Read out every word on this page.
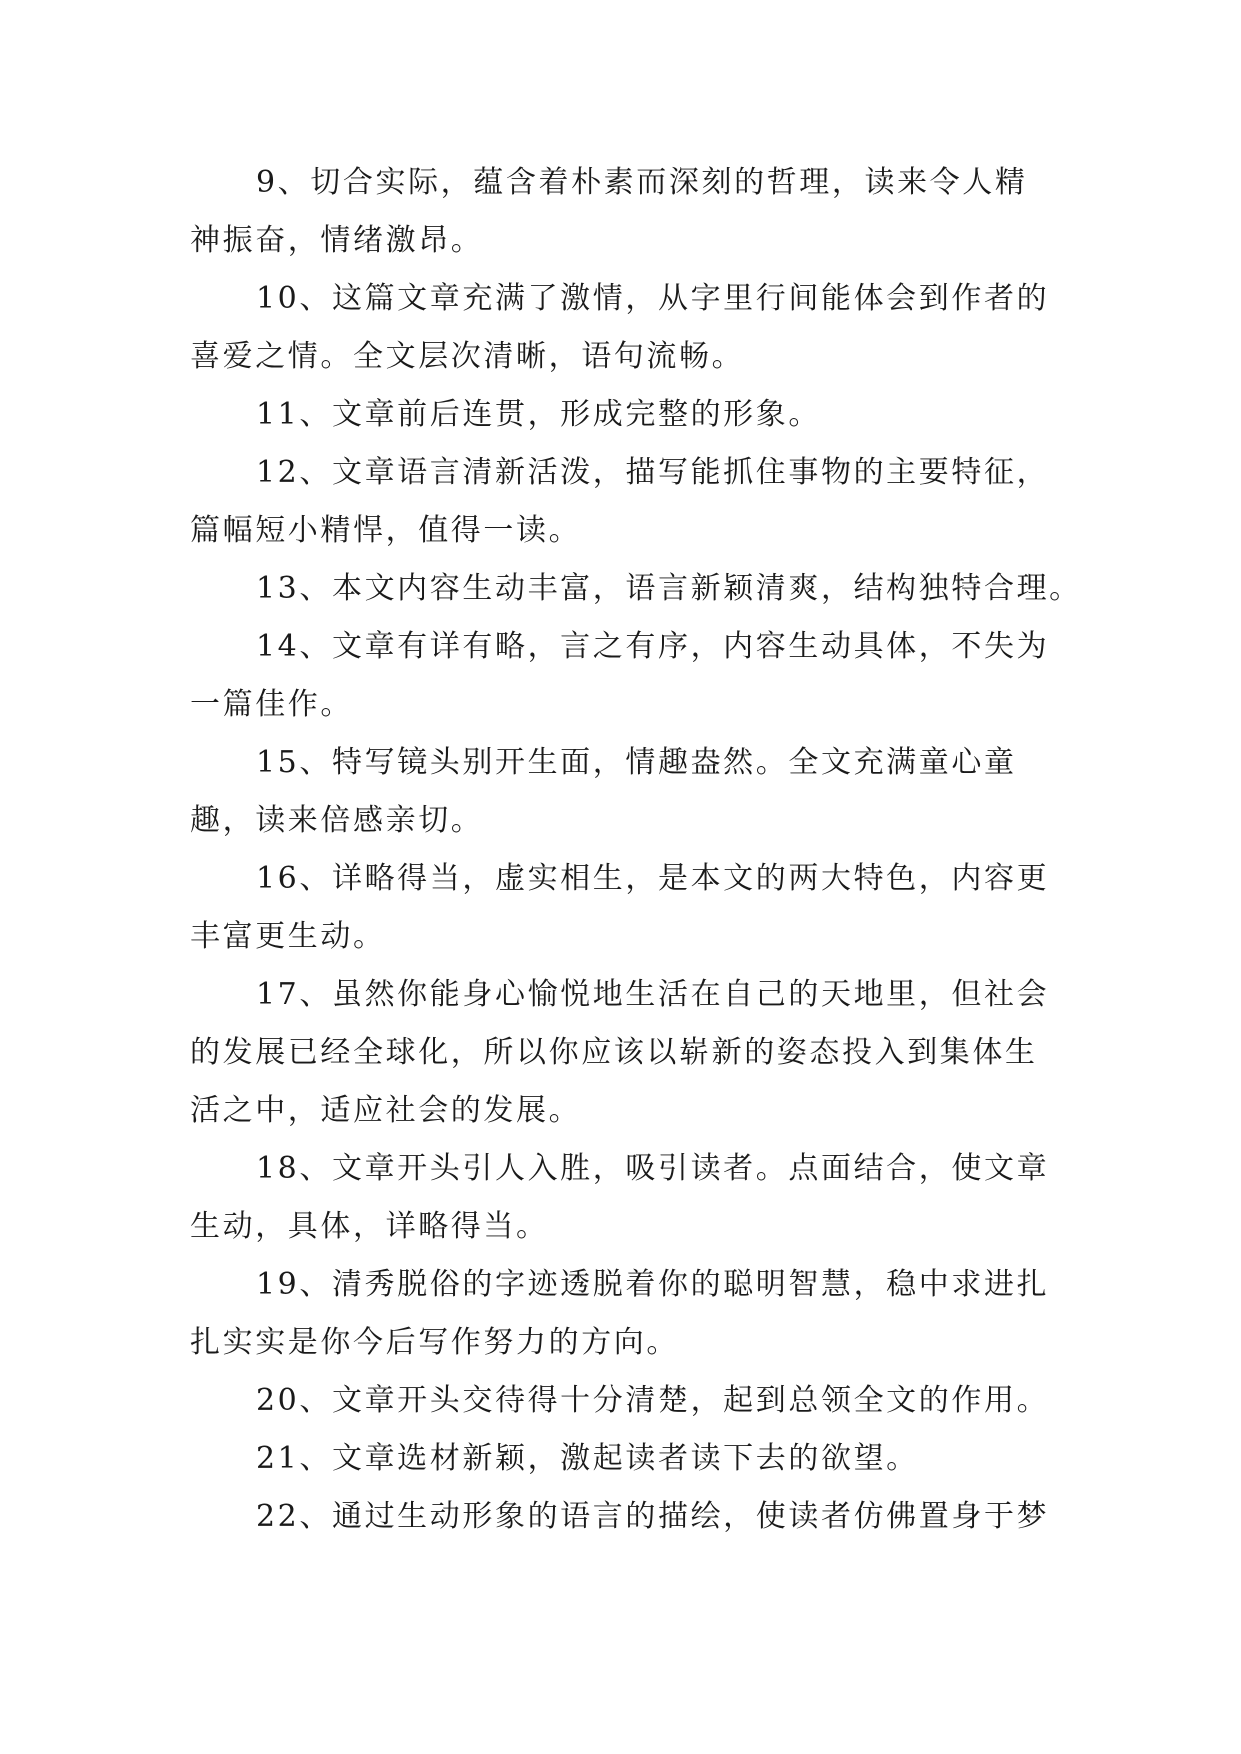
9、切合实际，蕴含着朴素而深刻的哲理，读来令人精神振奋，情绪激昂。

10、这篇文章充满了激情，从字里行间能体会到作者的喜爱之情。全文层次清晰，语句流畅。

11、文章前后连贯，形成完整的形象。

12、文章语言清新活泼，描写能抓住事物的主要特征，篇幅短小精悍，值得一读。

13、本文内容生动丰富，语言新颖清爽，结构独特合理。

14、文章有详有略，言之有序，内容生动具体，不失为一篇佳作。

15、特写镜头别开生面，情趣盎然。全文充满童心童趣，读来倍感亲切。

16、详略得当，虚实相生，是本文的两大特色，内容更丰富更生动。

17、虽然你能身心愉悦地生活在自己的天地里，但社会的发展已经全球化，所以你应该以崭新的姿态投入到集体生活之中，适应社会的发展。

18、文章开头引人入胜，吸引读者。点面结合，使文章生动，具体，详略得当。

19、清秀脱俗的字迹透脱着你的聪明智慧，稳中求进扎扎实实是你今后写作努力的方向。

20、文章开头交待得十分清楚，起到总领全文的作用。

21、文章选材新颖，激起读者读下去的欲望。

22、通过生动形象的语言的描绘，使读者仿佛置身于梦
